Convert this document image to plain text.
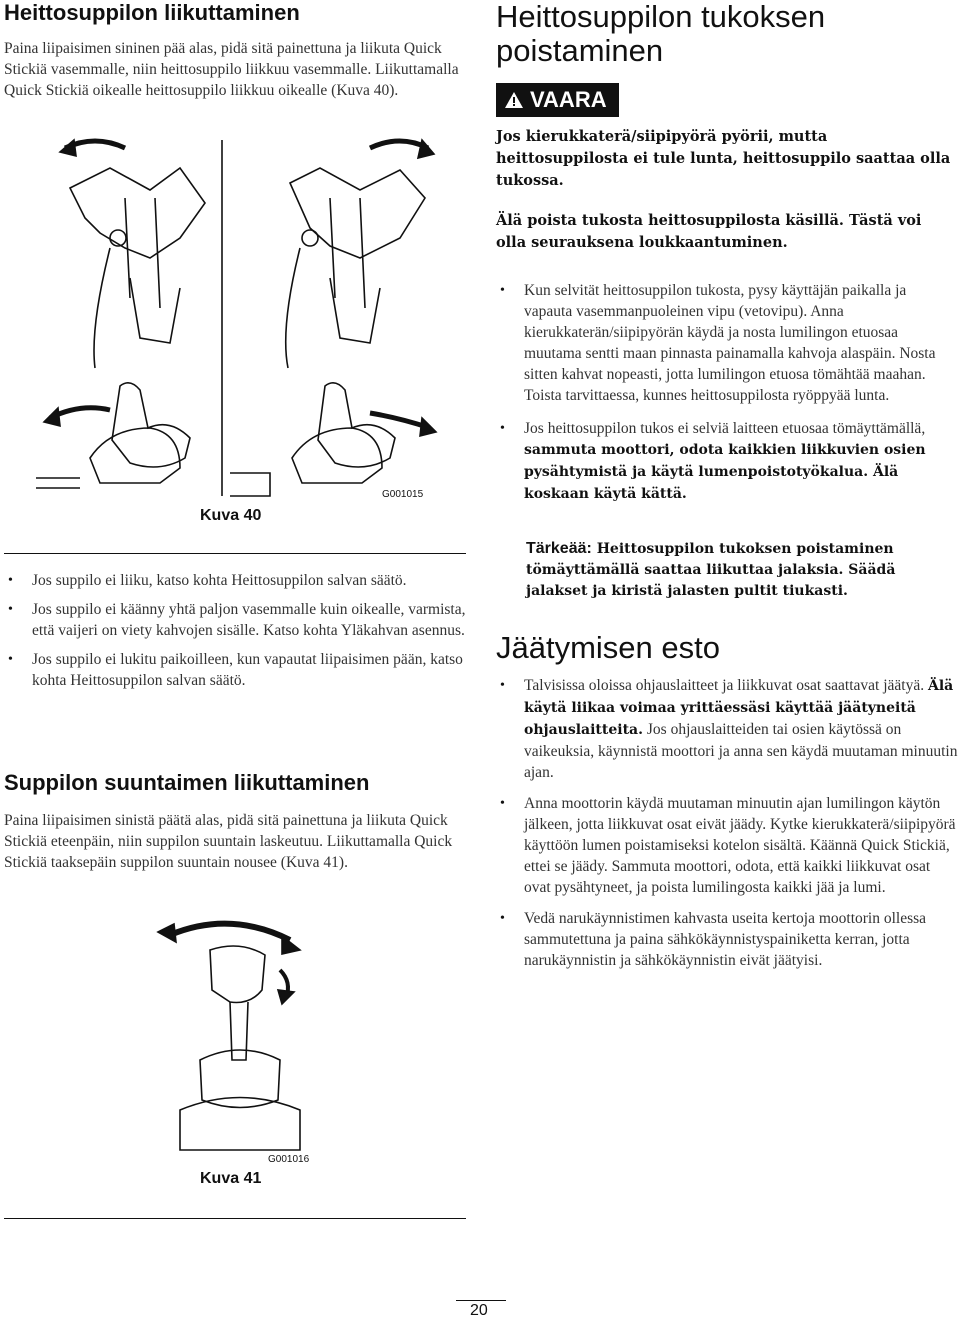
Heittosuppilon liikuttaminen

Paina liipaisimen sininen pää alas, pidä sitä painettuna ja liikuta Quick Stickiä vasemmalle, niin heittosuppilo liikkuu vasemmalle. Liikuttamalla Quick Stickiä oikealle heittosuppilo liikkuu oikealle (Kuva 40).

Kuva 40
G001015
• Jos suppilo ei liiku, katso kohta Heittosuppilon salvan säätö.
• Jos suppilo ei käänny yhtä paljon vasemmalle kuin oikealle, varmista, että vaijeri on viety kahvojen sisälle. Katso kohta Yläkahvan asennus.
• Jos suppilo ei lukitu paikoilleen, kun vapautat liipaisimen pään, katso kohta Heittosuppilon salvan säätö.
Suppilon suuntaimen liikuttaminen

Paina liipaisimen sinistä päätä alas, pidä sitä painettuna ja liikuta Quick Stickiä eteenpäin, niin suppilon suuntain laskeutuu. Liikuttamalla Quick Stickiä taaksepäin suppilon suuntain nousee (Kuva 41).

Kuva 41
G001016
Heittosuppilon tukoksen
poistaminen
VAARA

Jos kierukkaterä/siipipyörä pyörii, mutta heittosuppilosta ei tule lunta, heittosuppilo saattaa olla tukossa.

Älä poista tukosta heittosuppilosta käsillä. Tästä voi olla seurauksena loukkaantuminen.

• Kun selvität heittosuppilon tukosta, pysy käyttäjän paikalla ja vapauta vasemmanpuoleinen vipu (vetovipu). Anna kierukkaterän/siipipyörän käydä ja nosta lumilingon etuosaa muutama sentti maan pinnasta painamalla kahvoja alaspäin. Nosta sitten kahvat nopeasti, jotta lumilingon etuosa tömähtää maahan. Toista tarvittaessa, kunnes heittosuppilosta ryöppyää lunta.
• Jos heittosuppilon tukos ei selviä laitteen etuosaa tömäyttämällä, sammuta moottori, odota kaikkien liikkuvien osien pysähtymistä ja käytä lumenpoistotyökalua. Älä koskaan käytä kättä.

Tärkeää: Heittosuppilon tukoksen poistaminen tömäyttämällä saattaa liikuttaa jalaksia. Säädä jalakset ja kiristä jalasten pultit tiukasti.

Jäätymisen esto
• Talvisissa oloissa ohjauslaitteet ja liikkuvat osat saattavat jäätyä. Älä käytä liikaa voimaa yrittäessäsi käyttää jäätyneitä ohjauslaitteita. Jos ohjauslaitteiden tai osien käytössä on vaikeuksia, käynnistä moottori ja anna sen käydä muutaman minuutin ajan.
• Anna moottorin käydä muutaman minuutin ajan lumilingon käytön jälkeen, jotta liikkuvat osat eivät jäädy. Kytke kierukkaterä/siipipyörä käyttöön lumen poistamiseksi kotelon sisältä. Käännä Quick Stickiä, ettei se jäädy. Sammuta moottori, odota, että kaikki liikkuvat osat ovat pysähtyneet, ja poista lumilingosta kaikki jää ja lumi.
• Vedä narukäynnistimen kahvasta useita kertoja moottorin ollessa sammutettuna ja paina sähkökäynnistyspainiketta kerran, jotta narukäynnistin ja sähkökäynnistin eivät jäätyisi.
20
